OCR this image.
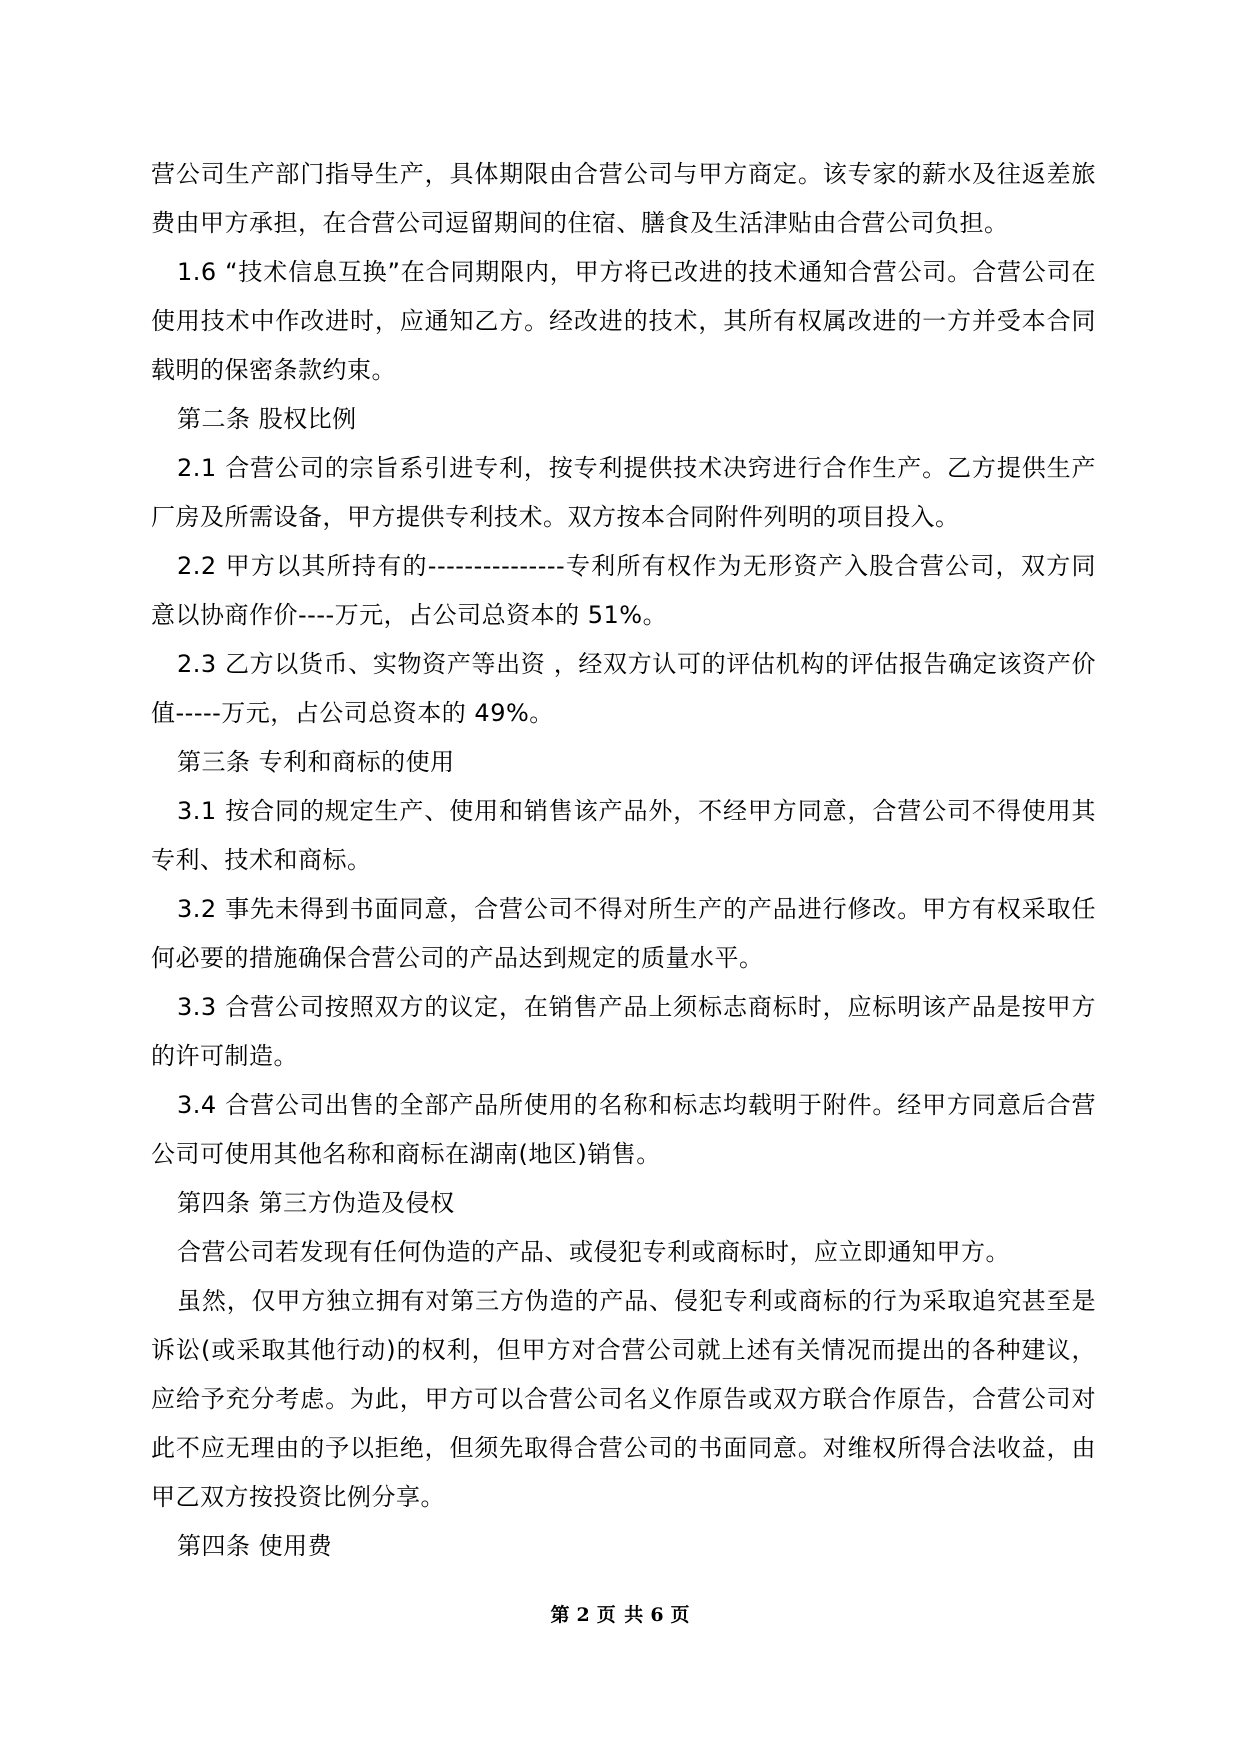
营公司生产部门指导生产，具体期限由合营公司与甲方商定。该专家的薪水及往返差旅费由甲方承担，在合营公司逗留期间的住宿、膳食及生活津贴由合营公司负担。

1.6 “技术信息互换”在合同期限内，甲方将已改进的技术通知合营公司。合营公司在使用技术中作改进时，应通知乙方。经改进的技术，其所有权属改进的一方并受本合同载明的保密条款约束。

第二条 股权比例

2.1 合营公司的宗旨系引进专利，按专利提供技术决窍进行合作生产。乙方提供生产厂房及所需设备，甲方提供专利技术。双方按本合同附件列明的项目投入。

2.2 甲方以其所持有的---------------专利所有权作为无形资产入股合营公司，双方同意以协商作价----万元，占公司总资本的 51%。

2.3 乙方以货币、实物资产等出资 ，经双方认可的评估机构的评估报告确定该资产价值-----万元，占公司总资本的 49%。

第三条 专利和商标的使用

3.1 按合同的规定生产、使用和销售该产品外，不经甲方同意，合营公司不得使用其专利、技术和商标。

3.2 事先未得到书面同意，合营公司不得对所生产的产品进行修改。甲方有权采取任何必要的措施确保合营公司的产品达到规定的质量水平。

3.3 合营公司按照双方的议定，在销售产品上须标志商标时，应标明该产品是按甲方的许可制造。

3.4 合营公司出售的全部产品所使用的名称和标志均载明于附件。经甲方同意后合营公司可使用其他名称和商标在湖南(地区)销售。

第四条 第三方伪造及侵权

合营公司若发现有任何伪造的产品、或侵犯专利或商标时，应立即通知甲方。

虽然，仅甲方独立拥有对第三方伪造的产品、侵犯专利或商标的行为采取追究甚至是诉讼(或采取其他行动)的权利，但甲方对合营公司就上述有关情况而提出的各种建议，应给予充分考虑。为此，甲方可以合营公司名义作原告或双方联合作原告，合营公司对此不应无理由的予以拒绝，但须先取得合营公司的书面同意。对维权所得合法收益，由甲乙双方按投资比例分享。

第四条 使用费

第 2 页 共 6 页
